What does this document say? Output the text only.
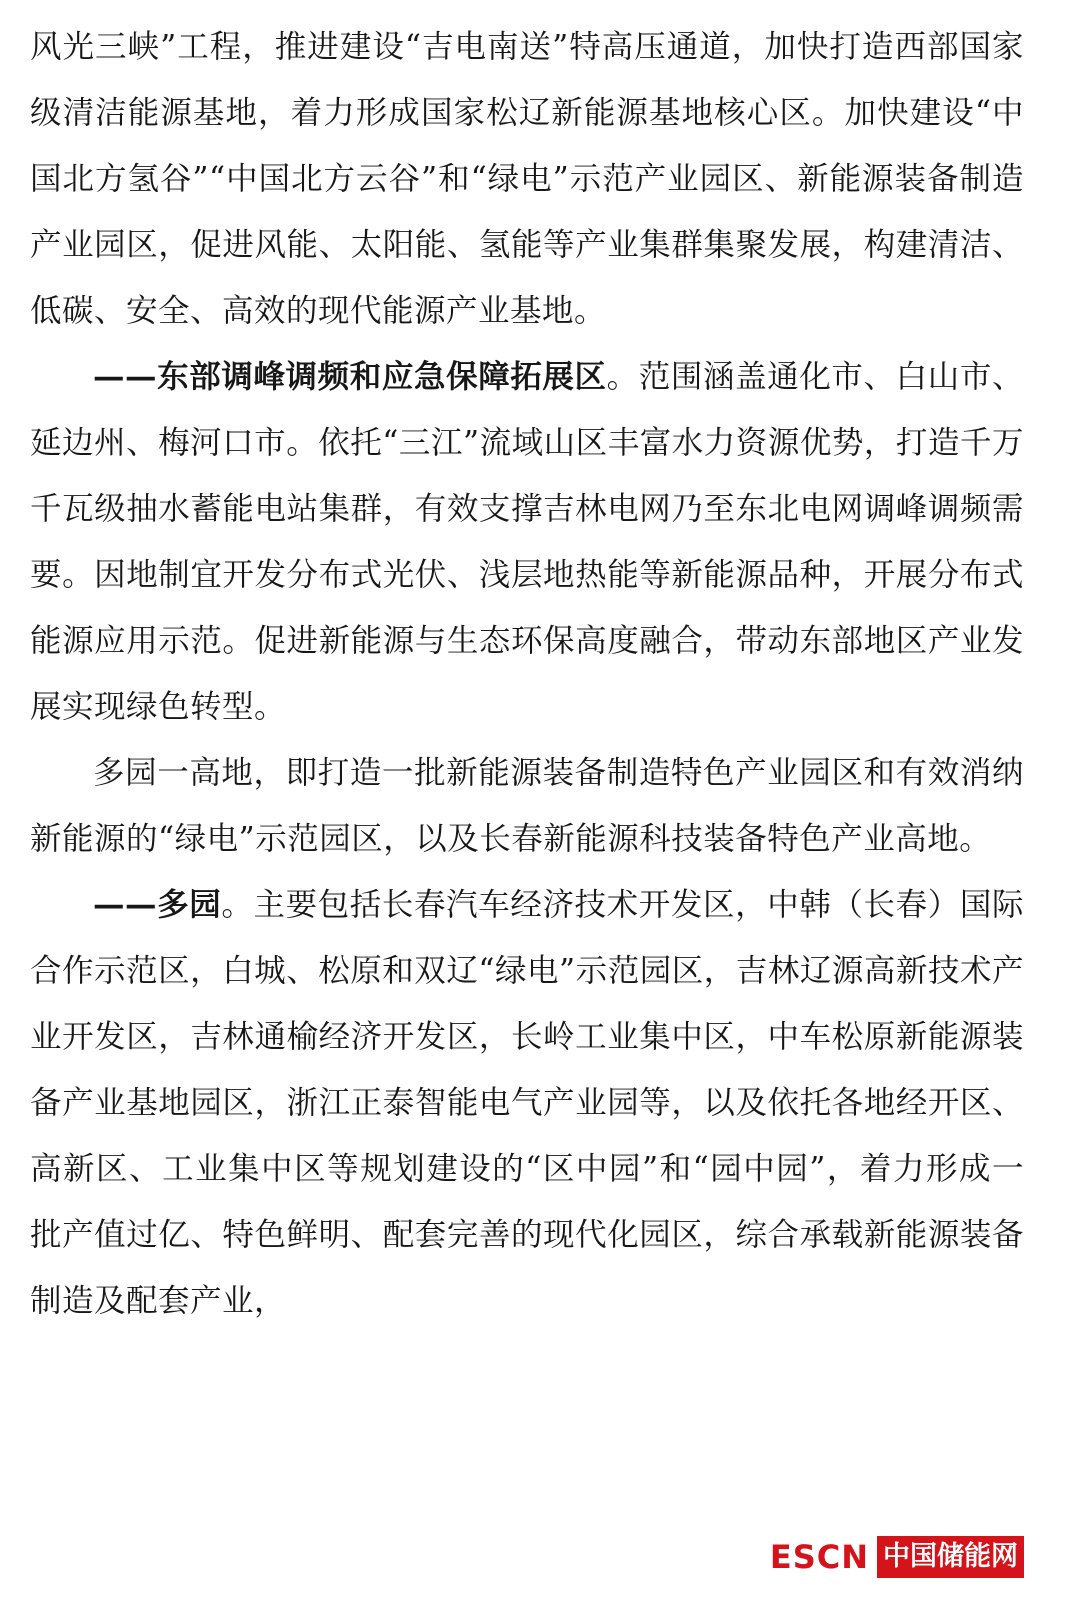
风光三峡”工程，推进建设“吉电南送”特高压通道，加快打造西部国家级清洁能源基地，着力形成国家松辽新能源基地核心区。加快建设“中国北方氢谷”“中国北方云谷”和“绿电”示范产业园区、新能源装备制造产业园区，促进风能、太阳能、氢能等产业集群集聚发展，构建清洁、低碳、安全、高效的现代能源产业基地。

——东部调峰调频和应急保障拓展区。范围涵盖通化市、白山市、延边州、梅河口市。依托“三江”流域山区丰富水力资源优势，打造千万千瓦级抽水蓄能电站集群，有效支撑吉林电网乃至东北电网调峰调频需要。因地制宜开发分布式光伏、浅层地热能等新能源品种，开展分布式能源应用示范。促进新能源与生态环保高度融合，带动东部地区产业发展实现绿色转型。

多园一高地，即打造一批新能源装备制造特色产业园区和有效消纳新能源的“绿电”示范园区，以及长春新能源科技装备特色产业高地。

——多园。主要包括长春汽车经济技术开发区，中韩（长春）国际合作示范区，白城、松原和双辽“绿电”示范园区，吉林辽源高新技术产业开发区，吉林通榆经济开发区，长岭工业集中区，中车松原新能源装备产业基地园区，浙江正泰智能电气产业园等，以及依托各地经开区、高新区、工业集中区等规划建设的“区中园”和“园中园”，着力形成一批产值过亿、特色鲜明、配套完善的现代化园区，综合承载新能源装备制造及配套产业，

ESCN 中国储能网
